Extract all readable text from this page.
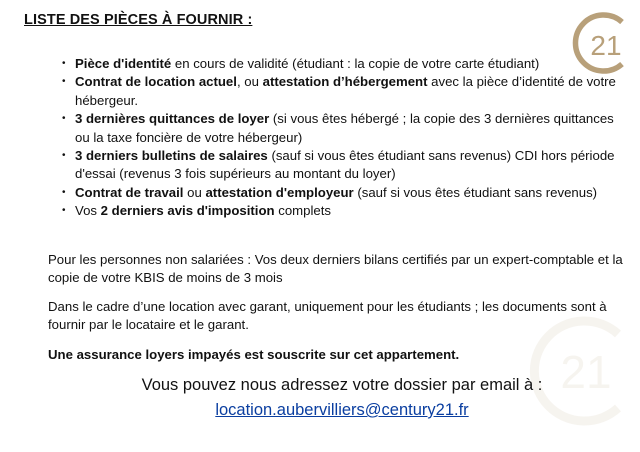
LISTE DES PIÈCES À FOURNIR :
21
• Pièce d'identité en cours de validité (étudiant : la copie de votre carte étudiant)
• Contrat de location actuel, ou attestation d’hébergement avec la pièce d’identité de votre hébergeur.
• 3 dernières quittances de loyer (si vous êtes hébergé ; la copie des 3 dernières quittances ou la taxe foncière de votre hébergeur)
• 3 derniers bulletins de salaires (sauf si vous êtes étudiant sans revenus) CDI hors période d'essai (revenus 3 fois supérieurs au montant du loyer)
• Contrat de travail ou attestation d'employeur (sauf si vous êtes étudiant sans revenus)
• Vos 2 derniers avis d'imposition complets

Pour les personnes non salariées : Vos deux derniers bilans certifiés par un expert-comptable et la copie de votre KBIS de moins de 3 mois

Dans le cadre d’une location avec garant, uniquement pour les étudiants ; les documents sont à fournir par le locataire et le garant.

Une assurance loyers impayés est souscrite sur cet appartement.	21
Vous pouvez nous adressez votre dossier par email à :
location.aubervilliers@century21.fr
